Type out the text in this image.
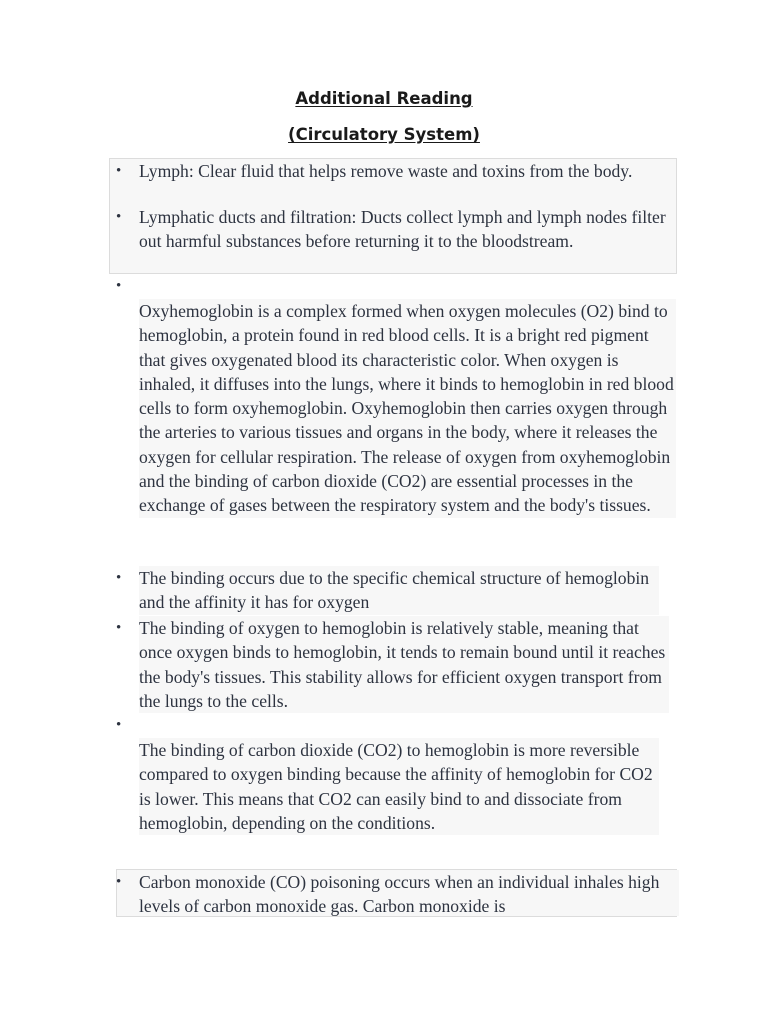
Additional Reading
(Circulatory System)
• Lymph: Clear fluid that helps remove waste and toxins from the body.

• Lymphatic ducts and filtration: Ducts collect lymph and lymph nodes filter out harmful substances before returning it to the bloodstream.

•

Oxyhemoglobin is a complex formed when oxygen molecules (O2) bind to hemoglobin, a protein found in red blood cells. It is a bright red pigment that gives oxygenated blood its characteristic color. When oxygen is inhaled, it diffuses into the lungs, where it binds to hemoglobin in red blood cells to form oxyhemoglobin. Oxyhemoglobin then carries oxygen through the arteries to various tissues and organs in the body, where it releases the oxygen for cellular respiration. The release of oxygen from oxyhemoglobin and the binding of carbon dioxide (CO2) are essential processes in the exchange of gases between the respiratory system and the body's tissues.

• The binding occurs due to the specific chemical structure of hemoglobin and the affinity it has for oxygen

• The binding of oxygen to hemoglobin is relatively stable, meaning that once oxygen binds to hemoglobin, it tends to remain bound until it reaches the body's tissues. This stability allows for efficient oxygen transport from the lungs to the cells.

•

The binding of carbon dioxide (CO2) to hemoglobin is more reversible compared to oxygen binding because the affinity of hemoglobin for CO2 is lower. This means that CO2 can easily bind to and dissociate from hemoglobin, depending on the conditions.

• Carbon monoxide (CO) poisoning occurs when an individual inhales high levels of carbon monoxide gas. Carbon monoxide is
